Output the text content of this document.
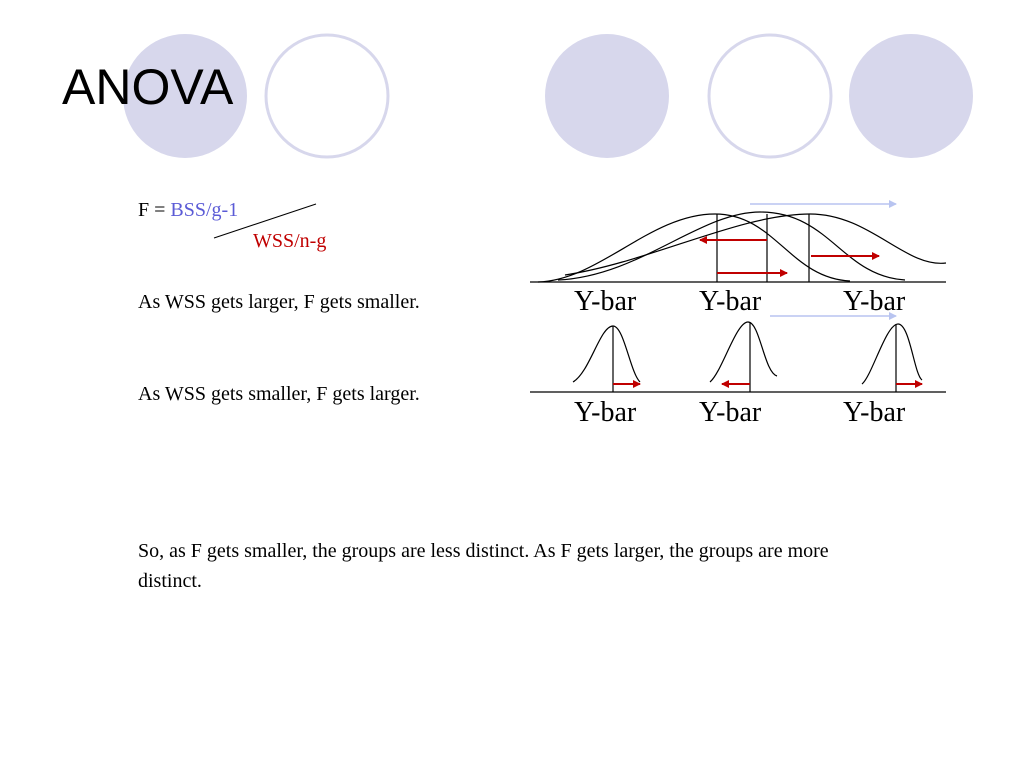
ANOVA
F = BSS/g-1
WSS/n-g
As WSS gets larger, F gets smaller.
As WSS gets smaller, F gets larger.
So, as F gets smaller, the groups are less distinct. As F gets larger, the groups are more distinct.
Y-bar Y-bar	Y-bar
Y-bar Y-bar	Y-bar
